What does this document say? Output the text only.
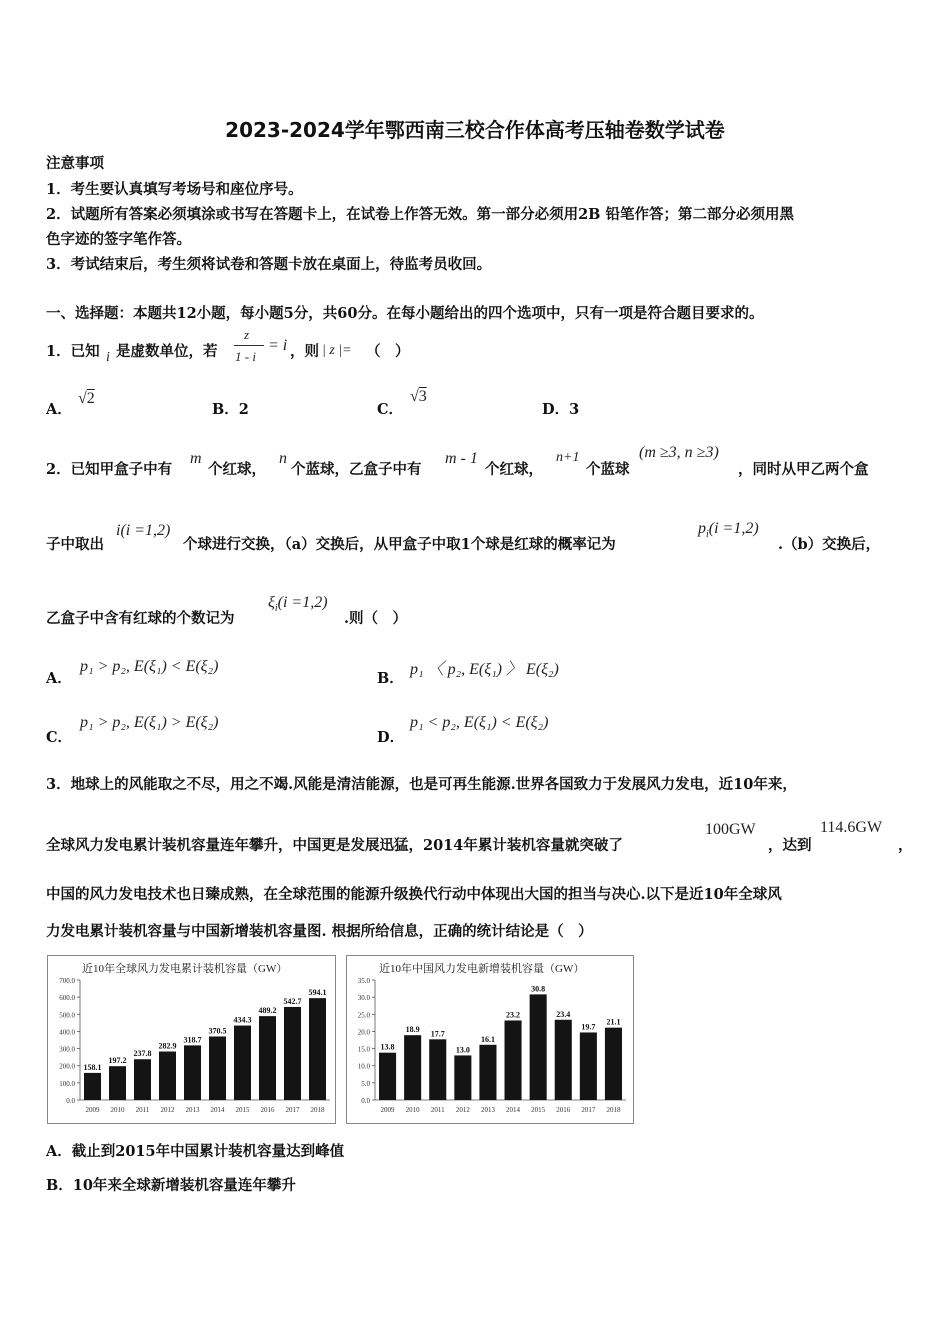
2023-2024学年鄂西南三校合作体高考压轴卷数学试卷
注意事项
1．考生要认真填写考场号和座位序号。
2．试题所有答案必须填涂或书写在答题卡上，在试卷上作答无效。第一部分必须用2B 铅笔作答；第二部分必须用黑
色字迹的签字笔作答。
3．考试结束后，考生须将试卷和答题卡放在桌面上，待监考员收回。
一、选择题：本题共12小题，每小题5分，共60分。在每小题给出的四个选项中，只有一项是符合题目要求的。
1．已知 i 是虚数单位，若
z
1 - i
= i ，则 | z |= （　）
A．
√2
B．2	C．
√3
D．3
2．已知甲盒子中有
m
个红球，
n
个蓝球，乙盒子中有
m - 1
个红球，
n+1
个蓝球
(m ≥3, n ≥3)
，同时从甲乙两个盒
子中取出
i(i =1,2)
个球进行交换，（a）交换后，从甲盒子中取1个球是红球的概率记为
$p_i(i =1,2)$
.（b）交换后，
乙盒子中含有红球的个数记为
$\xi_i(i =1,2)$
.则（　）
A．
p₁ > p₂, E(ξ₁) < E(ξ₂)
B．
p₁ 〈 p₂, E(ξ₁) 〉 E(ξ₂)
C．
p₁ > p₂, E(ξ₁) > E(ξ₂)
D．
p₁ < p₂, E(ξ₁) < E(ξ₂)
3．地球上的风能取之不尽，用之不竭.风能是清洁能源，也是可再生能源.世界各国致力于发展风力发电，近10年来，
全球风力发电累计装机容量连年攀升，中国更是发展迅猛，2014年累计装机容量就突破了
100GW
，达到
114.6GW
，
中国的风力发电技术也日臻成熟，在全球范围的能源升级换代行动中体现出大国的担当与决心.以下是近10年全球风
力发电累计装机容量与中国新增装机容量图. 根据所给信息，正确的统计结论是（　）
近10年全球风力发电累计装机容量（GW）
0.0
100.0
200.0
300.0
400.0
500.0
600.0
700.0
158.1
2009
197.2
2010
237.8
2011
282.9
2012
318.7
2013
370.5
2014
434.3
2015
489.2
2016
542.7
2017
594.1
2018
近10年中国风力发电新增装机容量（GW）
0.0
5.0
10.0
15.0
20.0
25.0
30.0
35.0
13.8
2009
18.9
2010
17.7
2011
13.0
2012
16.1
2013
23.2
2014
30.8
2015
23.4
2016
19.7
2017
21.1
2018
A．截止到2015年中国累计装机容量达到峰值
B．10年来全球新增装机容量连年攀升
